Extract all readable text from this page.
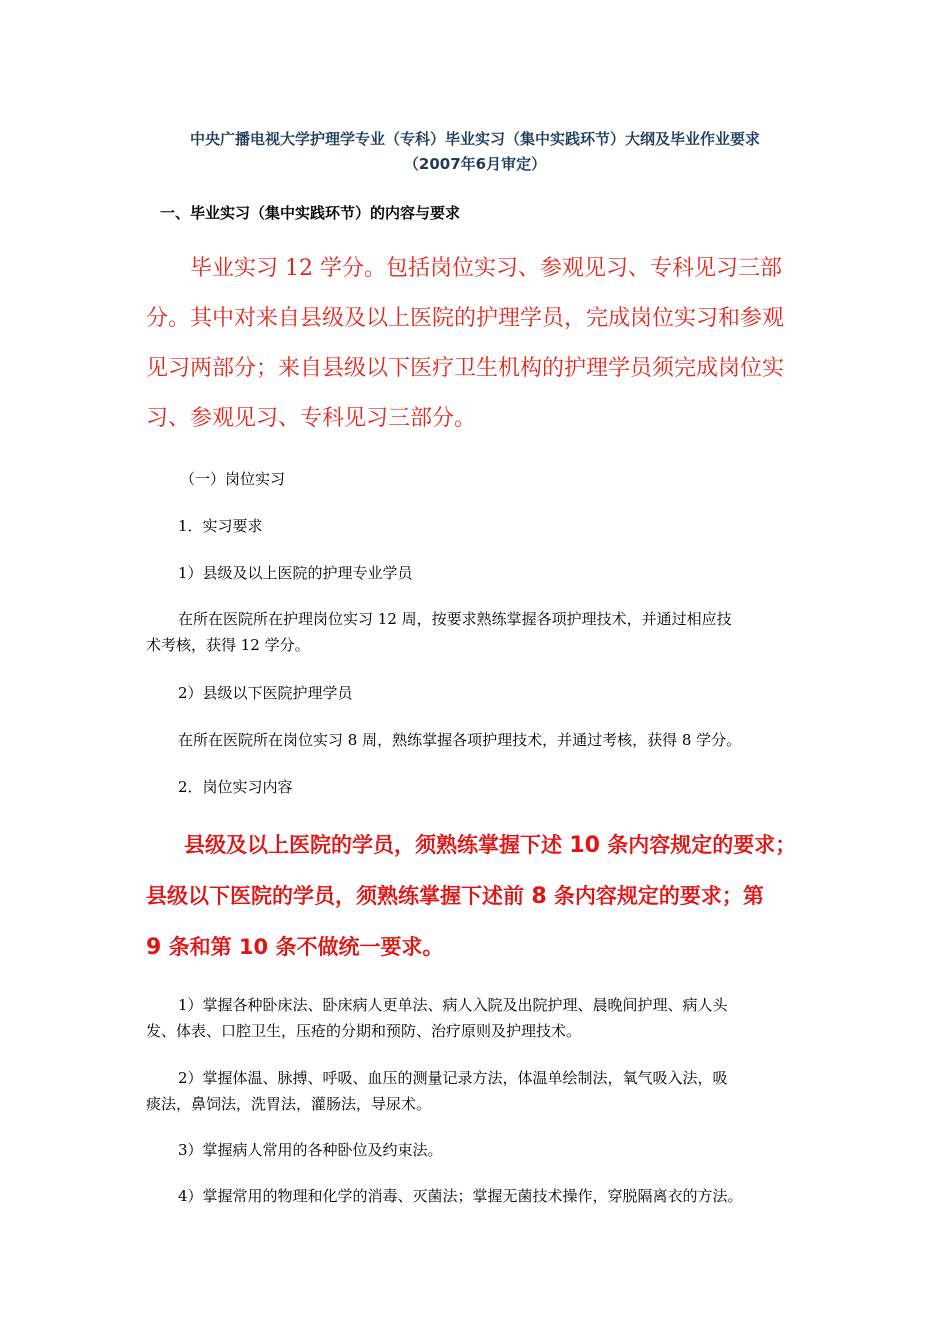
中央广播电视大学护理学专业（专科）毕业实习（集中实践环节）大纲及毕业作业要求
（2007年6月审定）
一、毕业实习（集中实践环节）的内容与要求

毕业实习 12 学分。包括岗位实习、参观见习、专科见习三部

分。其中对来自县级及以上医院的护理学员，完成岗位实习和参观

见习两部分；来自县级以下医疗卫生机构的护理学员须完成岗位实

习、参观见习、专科见习三部分。

（一）岗位实习
1．实习要求
1）县级及以上医院的护理专业学员

在所在医院所在护理岗位实习 12 周，按要求熟练掌握各项护理技术，并通过相应技

术考核，获得 12 学分。

2）县级以下医院护理学员
在所在医院所在岗位实习 8 周，熟练掌握各项护理技术，并通过考核，获得 8 学分。
2．岗位实习内容

县级及以上医院的学员，须熟练掌握下述 10 条内容规定的要求；

县级以下医院的学员，须熟练掌握下述前 8 条内容规定的要求；第

9 条和第 10 条不做统一要求。

1）掌握各种卧床法、卧床病人更单法、病人入院及出院护理、晨晚间护理、病人头

发、体表、口腔卫生，压疮的分期和预防、治疗原则及护理技术。

2）掌握体温、脉搏、呼吸、血压的测量记录方法，体温单绘制法，氧气吸入法，吸

痰法，鼻饲法，洗胃法，灌肠法，导尿术。

3）掌握病人常用的各种卧位及约束法。

4）掌握常用的物理和化学的消毒、灭菌法；掌握无菌技术操作，穿脱隔离衣的方法。
